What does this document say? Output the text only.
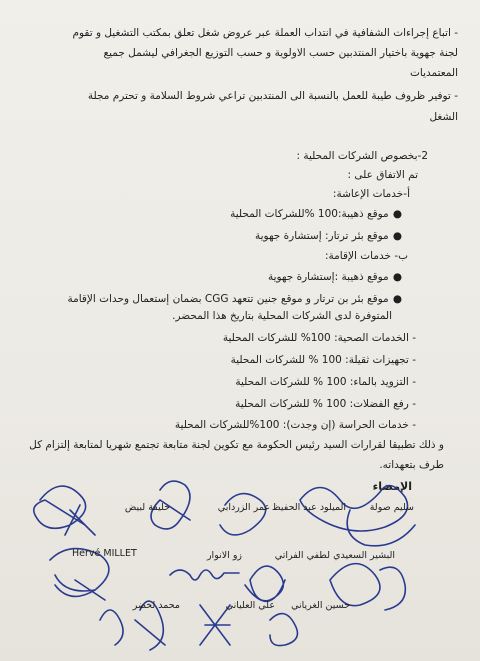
- اتباع إجراءات الشفافية في انتداب العملة عبر عروض شغل تعلق بمكتب التشغيل و تقوم
لجنة جهوية باختيار المنتدبين حسب الاولوية و حسب التوزيع الجغرافي ليشمل جميع
المعتمديات
- توفير ظروف طيبة للعمل بالنسبة الى المنتدبين تراعي شروط السلامة و تحترم مجلة
الشغل
2-بخصوص الشركات المحلية :
تم الاتفاق على :
أ-خدمات الإعاشة:
● موقع ذهيبة:100 %للشركات المحلية
● موقع بئر ترتار: إستشارة جهوية
ب- خدمات الإقامة:
● موقع ذهيبة :إستشارة جهوية
● موقع بئر بن ترتار و موقع جنين تتعهد CGG بضمان إستعمال وحدات الإقامة
المتوفرة لدى الشركات المحلية بتاريخ هذا المحضر.
- الخدمات الصحية: 100% للشركات المحلية
- تجهيزات ثقيلة: 100 % للشركات المحلية
- التزويد بالماء: 100 % للشركات المحلية
- رفع الفضلات: 100 % للشركات المحلية
- خدمات الحراسة (إن وجدت): 100%للشركات المحلية
و ذلك تطبيقا لقرارات السيد رئيس الحكومة مع تكوين لجنة متابعة تجتمع شهريا لمتابعة إلتزام كل
طرف بتعهداته.
الإمضاء
خليفة لبيض	عمر الزردابي الميلود عبد الحفيظ سليم صولة
زو الانوار	لطفي الفراتي البشير السعيدي
Hervé MILLET
محمد لخضر	علي العلياني حسين الغرياني
